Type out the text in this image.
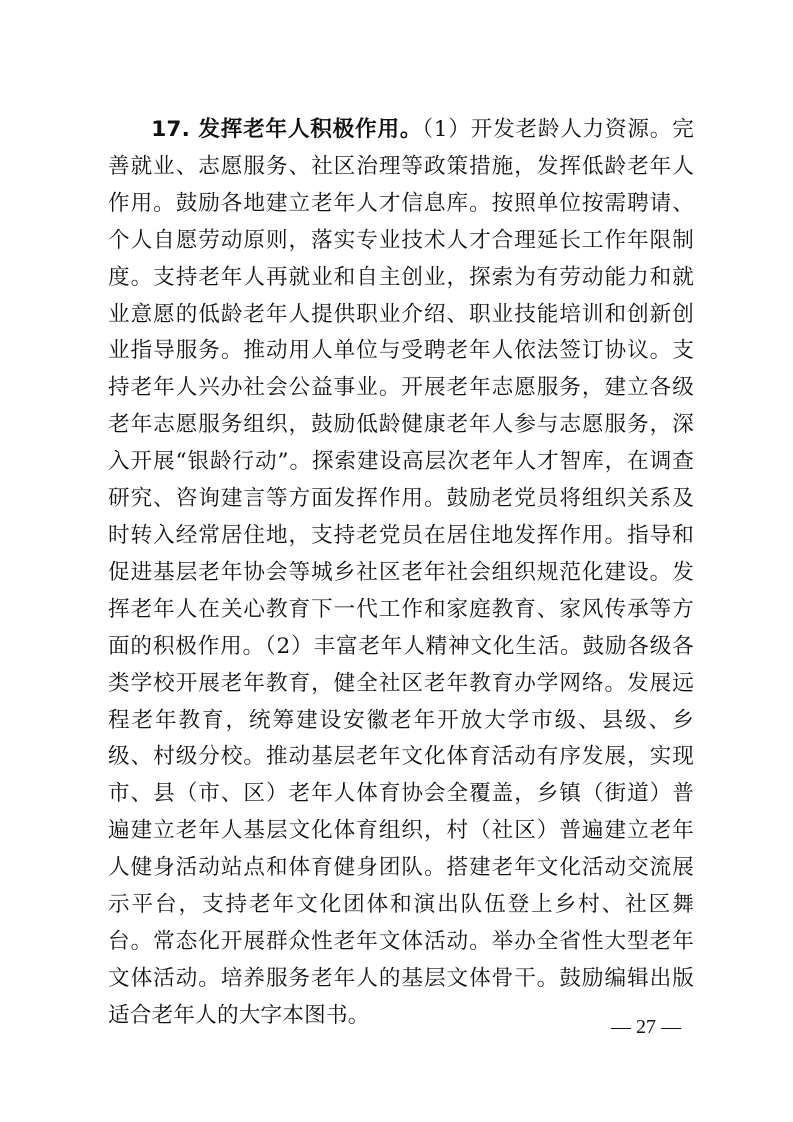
17. 发挥老年人积极作用。（1）开发老龄人力资源。完善就业、志愿服务、社区治理等政策措施，发挥低龄老年人作用。鼓励各地建立老年人才信息库。按照单位按需聘请、个人自愿劳动原则，落实专业技术人才合理延长工作年限制度。支持老年人再就业和自主创业，探索为有劳动能力和就业意愿的低龄老年人提供职业介绍、职业技能培训和创新创业指导服务。推动用人单位与受聘老年人依法签订协议。支持老年人兴办社会公益事业。开展老年志愿服务，建立各级老年志愿服务组织，鼓励低龄健康老年人参与志愿服务，深入开展“银龄行动”。探索建设高层次老年人才智库，在调查研究、咨询建言等方面发挥作用。鼓励老党员将组织关系及时转入经常居住地，支持老党员在居住地发挥作用。指导和促进基层老年协会等城乡社区老年社会组织规范化建设。发挥老年人在关心教育下一代工作和家庭教育、家风传承等方面的积极作用。（2）丰富老年人精神文化生活。鼓励各级各类学校开展老年教育，健全社区老年教育办学网络。发展远程老年教育，统筹建设安徽老年开放大学市级、县级、乡级、村级分校。推动基层老年文化体育活动有序发展，实现市、县（市、区）老年人体育协会全覆盖，乡镇（街道）普遍建立老年人基层文化体育组织，村（社区）普遍建立老年人健身活动站点和体育健身团队。搭建老年文化活动交流展示平台，支持老年文化团体和演出队伍登上乡村、社区舞台。常态化开展群众性老年文体活动。举办全省性大型老年文体活动。培养服务老年人的基层文体骨干。鼓励编辑出版适合老年人的大字本图书。	— 27 —
